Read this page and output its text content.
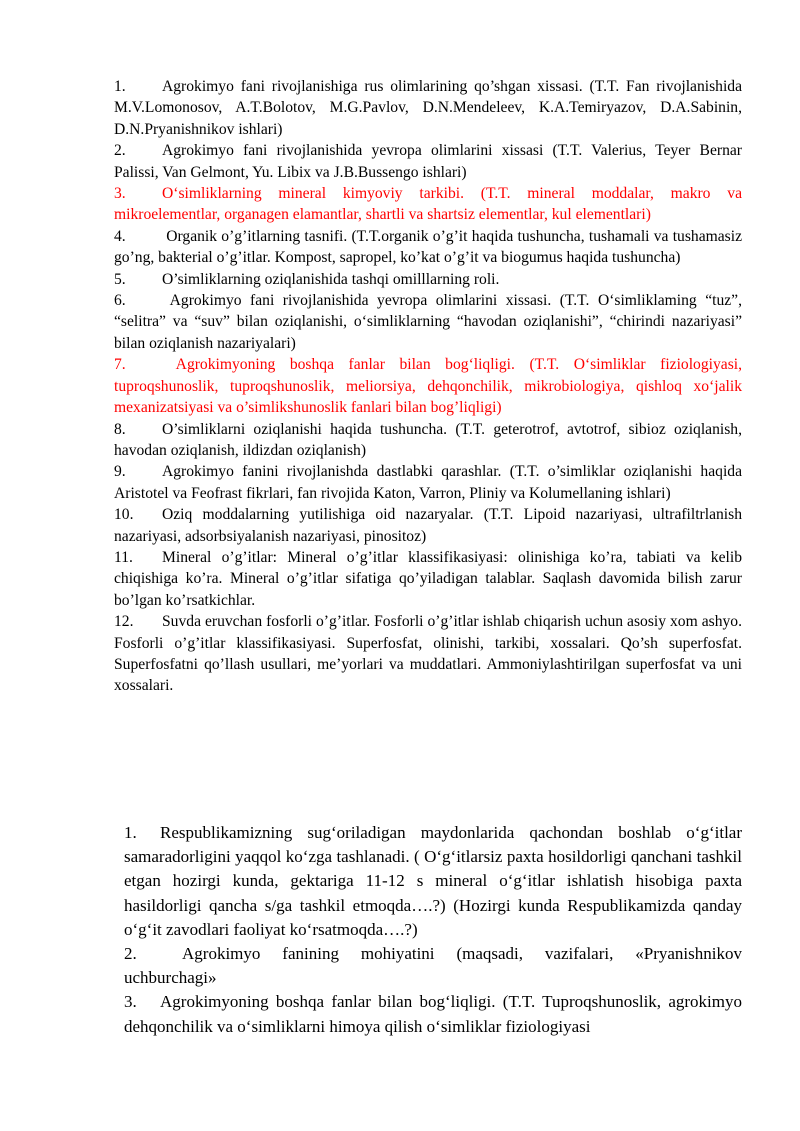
1. Agrokimyo fani rivojlanishiga rus olimlarining qo’shgan xissasi. (T.T. Fan rivojlanishida M.V.Lomonosov, A.T.Bolotov, M.G.Pavlov, D.N.Mendeleev, K.A.Temiryazov, D.A.Sabinin, D.N.Pryanishnikov ishlari)

2. Agrokimyo fani rivojlanishida yevropa olimlarini xissasi (T.T. Valerius, Teyer Bernar Palissi, Van Gelmont, Yu. Libix va J.B.Bussengo ishlari)

3. O‘simliklarning mineral kimyoviy tarkibi. (T.T. mineral moddalar, makro va mikroelementlar, organagen elamantlar, shartli va shartsiz elementlar, kul elementlari)

4. Organik o’g’itlarning tasnifi. (T.T.organik o’g’it haqida tushuncha, tushamali va tushamasiz go’ng, bakterial o’g’itlar. Kompost, sapropel, ko’kat o’g’it va biogumus haqida tushuncha)

5. O’simliklarning oziqlanishida tashqi omilllarning roli.

6. Agrokimyo fani rivojlanishida yevropa olimlarini xissasi. (T.T. O‘simliklaming “tuz”, “selitra” va “suv” bilan oziqlanishi, o‘simliklarning “havodan oziqlanishi”, “chirindi nazariyasi” bilan oziqlanish nazariyalari)

7. Agrokimyoning boshqa fanlar bilan bog‘liqligi. (T.T. O‘simliklar fiziologiyasi, tuproqshunoslik, tuproqshunoslik, meliorsiya, dehqonchilik, mikrobiologiya, qishloq xo‘jalik mexanizatsiyasi va o’simlikshunoslik fanlari bilan bog’liqligi)

8. O’simliklarni oziqlanishi haqida tushuncha. (T.T. geterotrof, avtotrof, sibioz oziqlanish, havodan oziqlanish, ildizdan oziqlanish)

9. Agrokimyo fanini rivojlanishda dastlabki qarashlar. (T.T. o’simliklar oziqlanishi haqida Aristotel va Feofrast fikrlari, fan rivojida Katon, Varron, Pliniy va Kolumellaning ishlari)

10. Oziq moddalarning yutilishiga oid nazaryalar. (T.T. Lipoid nazariyasi, ultrafiltrlanish nazariyasi, adsorbsiyalanish nazariyasi, pinositoz)

11. Mineral o’g’itlar: Mineral o’g’itlar klassifikasiyasi: olinishiga ko’ra, tabiati va kelib chiqishiga ko’ra. Mineral o’g’itlar sifatiga qo’yiladigan talablar. Saqlash davomida bilish zarur bo’lgan ko’rsatkichlar.

12. Suvda eruvchan fosforli o’g’itlar. Fosforli o’g’itlar ishlab chiqarish uchun asosiy xom ashyo. Fosforli o’g’itlar klassifikasiyasi. Superfosfat, olinishi, tarkibi, xossalari. Qo’sh superfosfat. Superfosfatni qo’llash usullari, me’yorlari va muddatlari. Ammoniylashtirilgan superfosfat va uni xossalari.

1. Respublikamizning sug‘oriladigan maydonlarida qachondan boshlab o‘g‘itlar samaradorligini yaqqol ko‘zga tashlanadi. ( O‘g‘itlarsiz paxta hosildorligi qanchani tashkil etgan hozirgi kunda, gektariga 11-12 s mineral o‘g‘itlar ishlatish hisobiga paxta hasildorligi qancha s/ga tashkil etmoqda….?) (Hozirgi kunda Respublikamizda qanday o‘g‘it zavodlari faoliyat ko‘rsatmoqda….?)

2.	Agrokimyo fanining mohiyatini (maqsadi, vazifalari, «Pryanishnikov uchburchagi»

3. Agrokimyoning boshqa fanlar bilan bog‘liqligi. (T.T. Tuproqshunoslik, agrokimyo dehqonchilik va o‘simliklarni himoya qilish o‘simliklar fiziologiyasi
